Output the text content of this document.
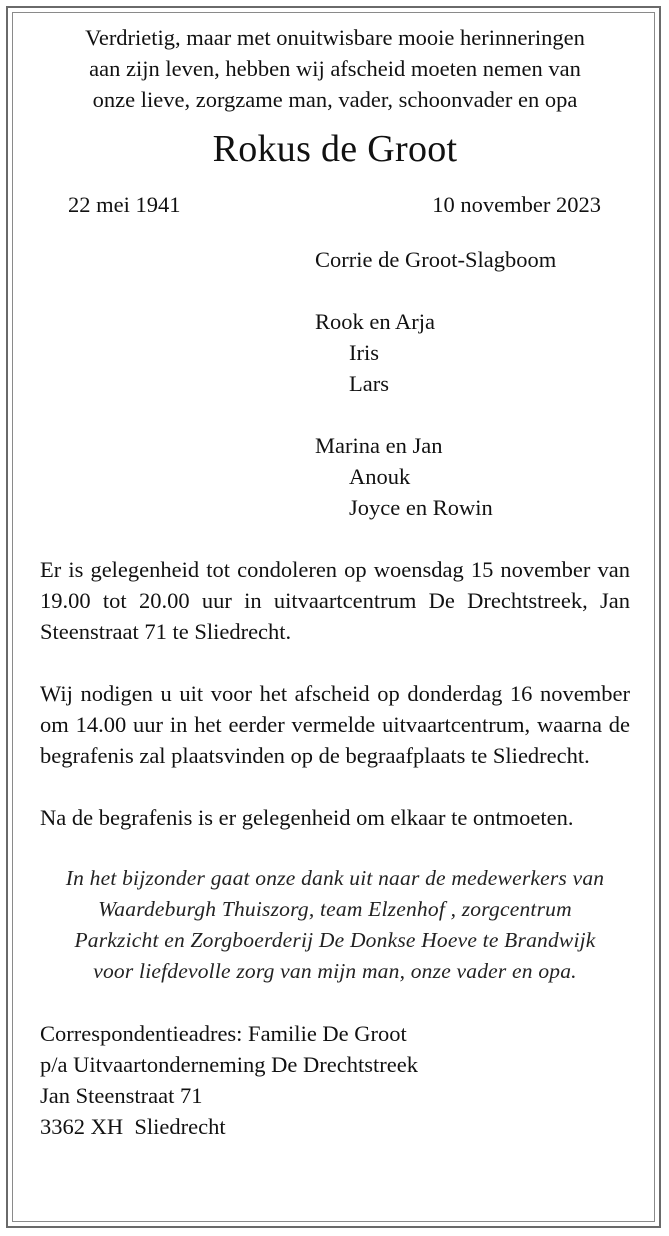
Verdrietig, maar met onuitwisbare mooie herinneringen
aan zijn leven, hebben wij afscheid moeten nemen van
onze lieve, zorgzame man, vader, schoonvader en opa
Rokus de Groot
22 mei 1941	10 november 2023
Corrie de Groot-Slagboom
Rook en Arja
Iris
Lars
Marina en Jan
Anouk
Joyce en Rowin

Er is gelegenheid tot condoleren op woensdag 15 november van 19.00 tot 20.00 uur in uitvaartcentrum De Drechtstreek, Jan Steenstraat 71 te Sliedrecht.

Wij nodigen u uit voor het afscheid op donderdag 16 november om 14.00 uur in het eerder vermelde uitvaartcentrum, waarna de begrafenis zal plaatsvinden op de begraafplaats te Sliedrecht.

Na de begrafenis is er gelegenheid om elkaar te ontmoeten.

In het bijzonder gaat onze dank uit naar de medewerkers van
Waardeburgh Thuiszorg, team Elzenhof , zorgcentrum
Parkzicht en Zorgboerderij De Donkse Hoeve te Brandwijk
voor liefdevolle zorg van mijn man, onze vader en opa.
Correspondentieadres: Familie De Groot
p/a Uitvaartonderneming De Drechtstreek
Jan Steenstraat 71
3362 XH  Sliedrecht
